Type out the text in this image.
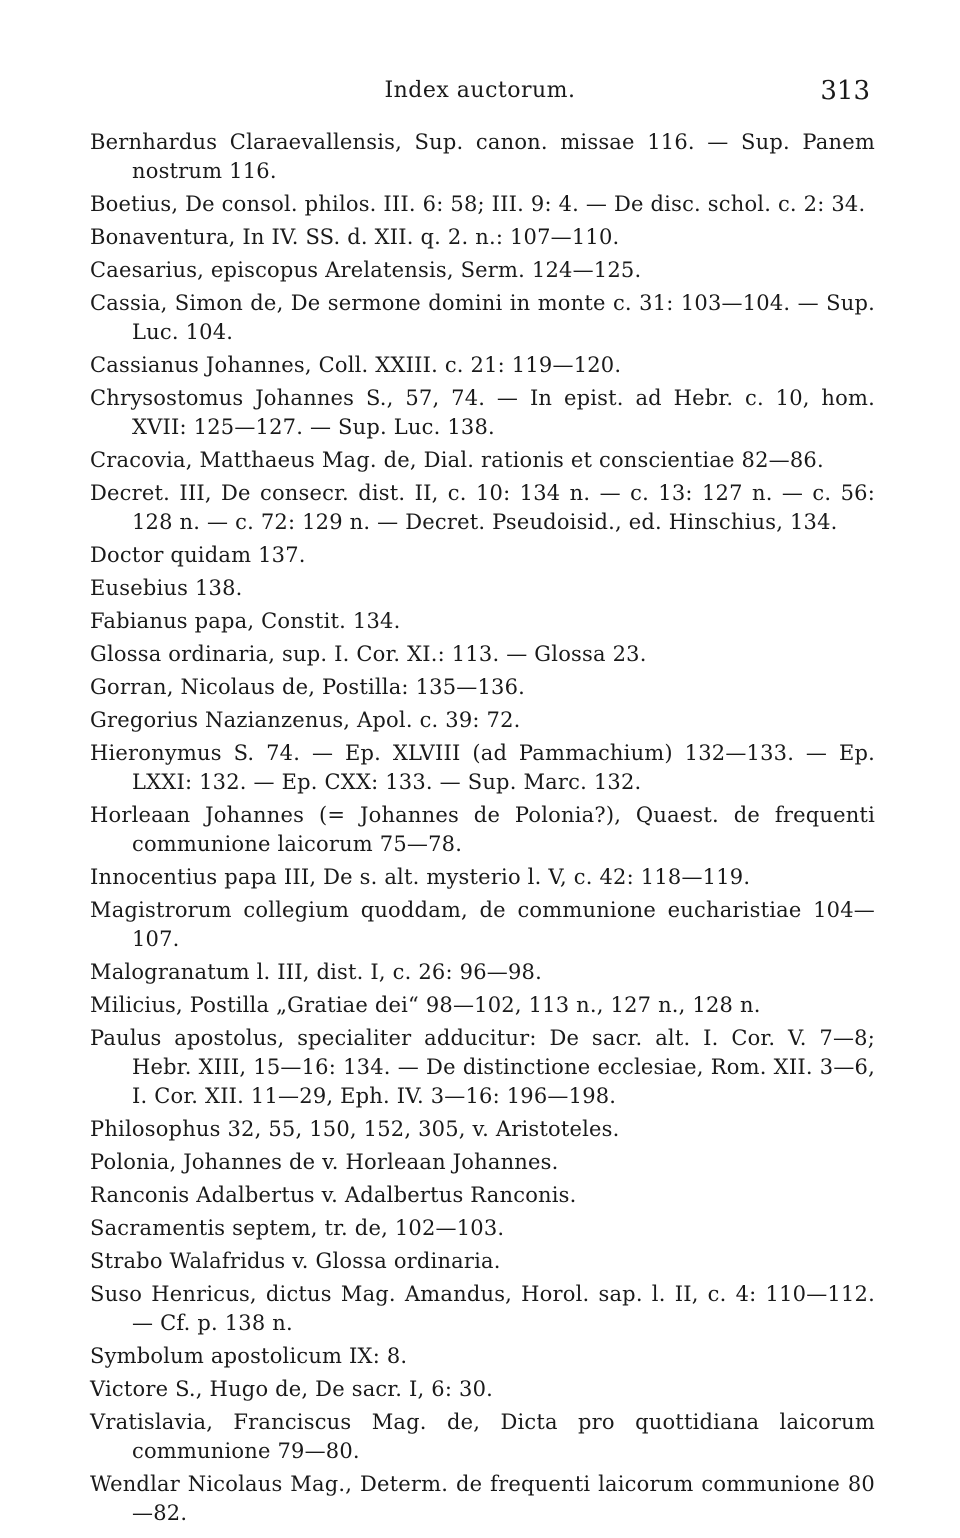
Index auctorum.	313

Bernhardus Claraevallensis, Sup. canon. missae 116. — Sup. Panem nostrum 116.

Boetius, De consol. philos. III. 6: 58; III. 9: 4. — De disc. schol. c. 2: 34.

Bonaventura, In IV. SS. d. XII. q. 2. n.: 107—110.

Caesarius, episcopus Arelatensis, Serm. 124—125.

Cassia, Simon de, De sermone domini in monte c. 31: 103—104. — Sup. Luc. 104.

Cassianus Johannes, Coll. XXIII. c. 21: 119—120.

Chrysostomus Johannes S., 57, 74. — In epist. ad Hebr. c. 10, hom. XVII: 125—127. — Sup. Luc. 138.

Cracovia, Matthaeus Mag. de, Dial. rationis et conscientiae 82—86.

Decret. III, De consecr. dist. II, c. 10: 134 n. — c. 13: 127 n. — c. 56: 128 n. — c. 72: 129 n. — Decret. Pseudoisid., ed. Hinschius, 134.

Doctor quidam 137.

Eusebius 138.

Fabianus papa, Constit. 134.

Glossa ordinaria, sup. I. Cor. XI.: 113. — Glossa 23.

Gorran, Nicolaus de, Postilla: 135—136.

Gregorius Nazianzenus, Apol. c. 39: 72.

Hieronymus S. 74. — Ep. XLVIII (ad Pammachium) 132—133. — Ep. LXXI: 132. — Ep. CXX: 133. — Sup. Marc. 132.

Horleaan Johannes (= Johannes de Polonia?), Quaest. de frequenti communione laicorum 75—78.

Innocentius papa III, De s. alt. mysterio l. V, c. 42: 118—119.

Magistrorum collegium quoddam, de communione eucharistiae 104—107.

Malogranatum l. III, dist. I, c. 26: 96—98.

Milicius, Postilla „Gratiae dei“ 98—102, 113 n., 127 n., 128 n.

Paulus apostolus, specialiter adducitur: De sacr. alt. I. Cor. V. 7—8; Hebr. XIII, 15—16: 134. — De distinctione ecclesiae, Rom. XII. 3—6, I. Cor. XII. 11—29, Eph. IV. 3—16: 196—198.

Philosophus 32, 55, 150, 152, 305, v. Aristoteles.

Polonia, Johannes de v. Horleaan Johannes.

Ranconis Adalbertus v. Adalbertus Ranconis.

Sacramentis septem, tr. de, 102—103.

Strabo Walafridus v. Glossa ordinaria.

Suso Henricus, dictus Mag. Amandus, Horol. sap. l. II, c. 4: 110—112. — Cf. p. 138 n.

Symbolum apostolicum IX: 8.

Victore S., Hugo de, De sacr. I, 6: 30.

Vratislavia, Franciscus Mag. de, Dicta pro quottidiana laicorum communione 79—80.

Wendlar Nicolaus Mag., Determ. de frequenti laicorum communione 80—82.
